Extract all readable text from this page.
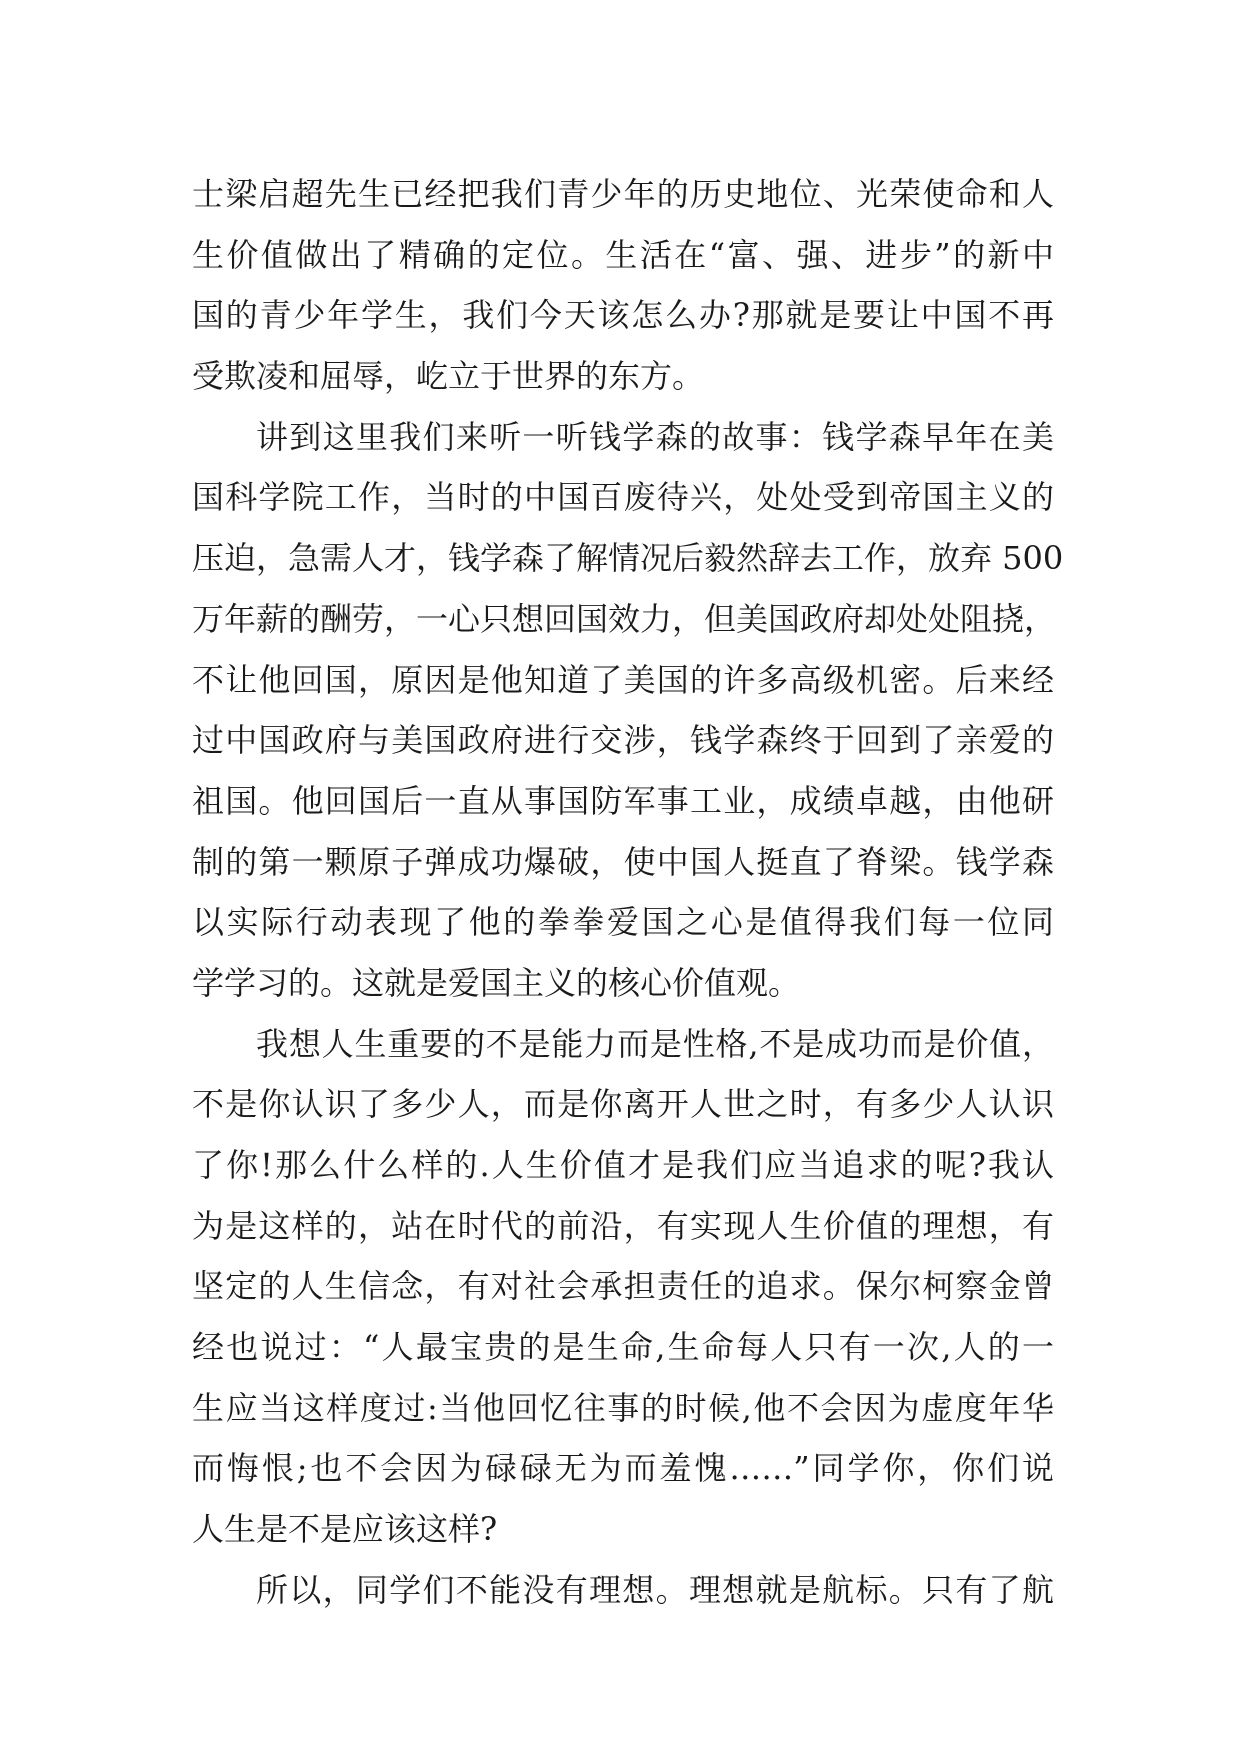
士梁启超先生已经把我们青少年的历史地位、光荣使命和人
生价值做出了精确的定位。生活在“富、强、进步”的新中
国的青少年学生，我们今天该怎么办?那就是要让中国不再
受欺凌和屈辱，屹立于世界的东方。
讲到这里我们来听一听钱学森的故事：钱学森早年在美
国科学院工作，当时的中国百废待兴，处处受到帝国主义的
压迫，急需人才，钱学森了解情况后毅然辞去工作，放弃 500
万年薪的酬劳，一心只想回国效力，但美国政府却处处阻挠，
不让他回国，原因是他知道了美国的许多高级机密。后来经
过中国政府与美国政府进行交涉，钱学森终于回到了亲爱的
祖国。他回国后一直从事国防军事工业，成绩卓越，由他研
制的第一颗原子弹成功爆破，使中国人挺直了脊梁。钱学森
以实际行动表现了他的拳拳爱国之心是值得我们每一位同
学学习的。这就是爱国主义的核心价值观。
我想人生重要的不是能力而是性格,不是成功而是价值，
不是你认识了多少人，而是你离开人世之时，有多少人认识
了你!那么什么样的.人生价值才是我们应当追求的呢?我认
为是这样的，站在时代的前沿，有实现人生价值的理想，有
坚定的人生信念，有对社会承担责任的追求。保尔柯察金曾
经也说过：“人最宝贵的是生命,生命每人只有一次,人的一
生应当这样度过:当他回忆往事的时候,他不会因为虚度年华
而悔恨;也不会因为碌碌无为而羞愧……”同学你，你们说
人生是不是应该这样?
所以，同学们不能没有理想。理想就是航标。只有了航
